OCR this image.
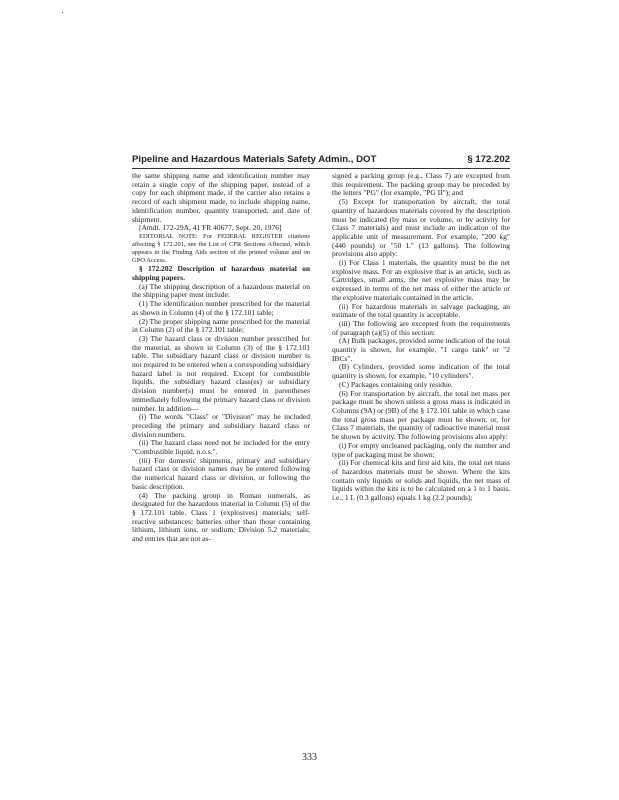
Pipeline and Hazardous Materials Safety Admin., DOT	§ 172.202

the same shipping name and identification number may retain a single copy of the shipping paper, instead of a copy for each shipment made, if the carrier also retains a record of each shipment made, to include shipping name, identification number, quantity transported, and date of shipment.

[Amdt. 172-29A, 41 FR 40677, Sept. 20, 1976]

EDITORIAL NOTE: For FEDERAL REGISTER citations affecting § 172.201, see the List of CFR Sections Affected, which appears in the Finding Aids section of the printed volume and on GPO Access.

§ 172.202 Description of hazardous material on shipping papers.

(a) The shipping description of a hazardous material on the shipping paper must include:

(1) The identification number prescribed for the material as shown in Column (4) of the § 172.101 table;

(2) The proper shipping name prescribed for the material in Column (2) of the § 172.101 table;

(3) The hazard class or division number prescribed for the material, as shown in Column (3) of the § 172.101 table. The subsidiary hazard class or division number is not required to be entered when a corresponding subsidiary hazard label is not required. Except for combustible liquids, the subsidiary hazard class(es) or subsidiary division number(s) must be entered in parentheses immediately following the primary hazard class or division number. In addition—

(i) The words "Class" or "Division" may be included preceding the primary and subsidiary hazard class or division numbers.

(ii) The hazard class need not be included for the entry "Combustible liquid, n.o.s.".

(iii) For domestic shipments, primary and subsidiary hazard class or division names may be entered following the numerical hazard class or division, or following the basic description.

(4) The packing group in Roman numerals, as designated for the hazardous material in Column (5) of the § 172.101 table. Class 1 (explosives) materials; self-reactive substances; batteries other than those containing lithium, lithium ions, or sodium; Division 5.2 materials; and entries that are not as-

signed a packing group (e.g., Class 7) are excepted from this requirement. The packing group may be preceded by the letters "PG" (for example, "PG II"); and

(5) Except for transportation by aircraft, the total quantity of hazardous materials covered by the description must be indicated (by mass or volume, or by activity for Class 7 materials) and must include an indication of the applicable unit of measurement. For example, "200 kg" (440 pounds) or "50 L" (13 gallons). The following provisions also apply:

(i) For Class 1 materials, the quantity must be the net explosive mass. For an explosive that is an article, such as Cartridges, small arms, the net explosive mass may be expressed in terms of the net mass of either the article or the explosive materials contained in the article.

(ii) For hazardous materials in salvage packaging, an estimate of the total quantity is acceptable.

(iii) The following are excepted from the requirements of paragraph (a)(5) of this section:

(A) Bulk packages, provided some indication of the total quantity is shown, for example, "1 cargo tank" or "2 IBCs".

(B) Cylinders, provided some indication of the total quantity is shown, for example, "10 cylinders".

(C) Packages containing only residue.

(6) For transportation by aircraft, the total net mass per package must be shown unless a gross mass is indicated in Columns (9A) or (9B) of the § 172.101 table in which case the total gross mass per package must be shown, or, for Class 7 materials, the quantity of radioactive material must be shown by activity. The following provisions also apply:

(i) For empty uncleaned packaging, only the number and type of packaging must be shown;

(ii) For chemical kits and first aid kits, the total net mass of hazardous materials must be shown. Where the kits contain only liquids or solids and liquids, the net mass of liquids within the kits is to be calculated on a 1 to 1 basis, i.e., 1 L (0.3 gallons) equals 1 kg (2.2 pounds);

333
